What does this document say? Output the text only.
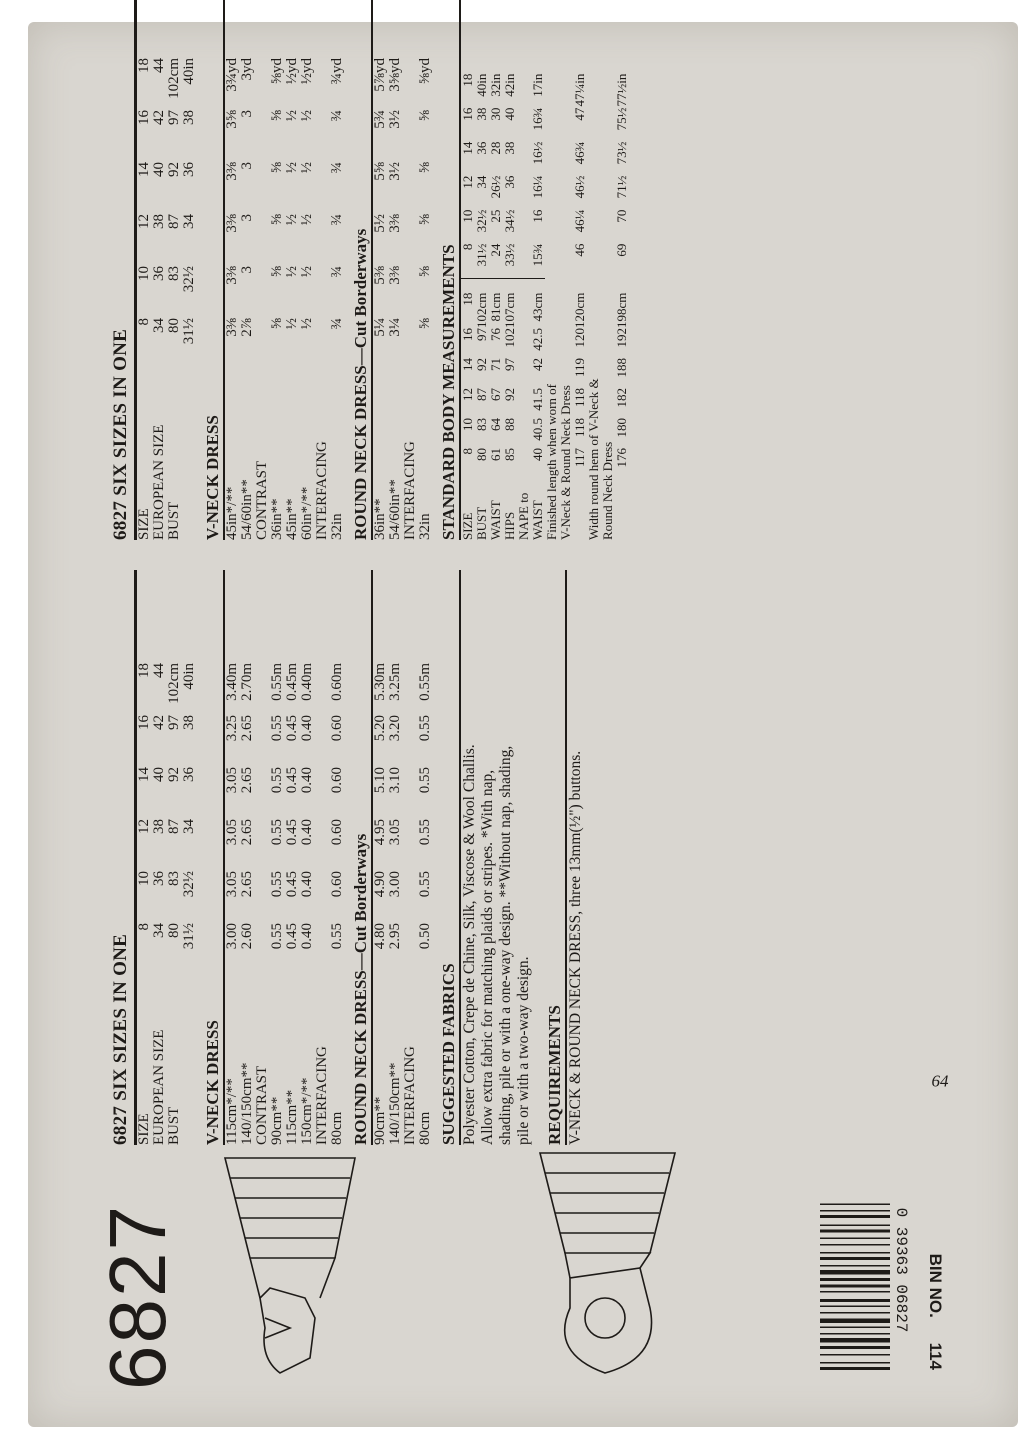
6827
6827 SIX SIZES IN ONE SIZE	8	10	12	14	16	18
EUROPEAN SIZE	34	36	38	40	42	44
BUST	80	83	87	92	97	102cm
	31½	32½	34	36	38	40in
V-NECK DRESS 115cm*/**	3.00	3.05	3.05	3.05	3.25	3.40m
140/150cm**	2.60	2.65	2.65	2.65	2.65	2.70m
CONTRAST						
90cm**	0.55	0.55	0.55	0.55	0.55	0.55m
115cm**	0.45	0.45	0.45	0.45	0.45	0.45m
150cm*/**	0.40	0.40	0.40	0.40	0.40	0.40m
INTERFACING						
80cm	0.55	0.60	0.60	0.60	0.60	0.60m
ROUND NECK DRESS—Cut Borderways 90cm**	4.80	4.90	4.95	5.10	5.20	5.30m
140/150cm**	2.95	3.00	3.05	3.10	3.20	3.25m
INTERFACING						
80cm	0.50	0.55	0.55	0.55	0.55	0.55m
SUGGESTED FABRICS Polyester Cotton, Crepe de Chine, Silk, Viscose & Wool Challis. Allow extra fabric for matching plaids or stripes. *With nap, shading, pile or with a one-way design. **Without nap, shading, pile or with a two-way design. REQUIREMENTS V-NECK & ROUND NECK DRESS, three 13mm(½") buttons.
6827 SIX SIZES IN ONE SIZE	8	10	12	14	16	18
EUROPEAN SIZE	34	36	38	40	42	44
BUST	80	83	87	92	97	102cm
	31½	32½	34	36	38	40in
V-NECK DRESS 45in*/**	3⅜	3⅜	3⅜	3⅜	3⅝	3¾yd
54/60in**	2⅞	3	3	3	3	3yd
CONTRAST						
36in**	⅝	⅝	⅝	⅝	⅝	⅝yd
45in**	½	½	½	½	½	½yd
60in*/**	½	½	½	½	½	½yd
INTERFACING						
32in	¾	¾	¾	¾	¾	¾yd
ROUND NECK DRESS—Cut Borderways 36in**	5¼	5⅜	5½	5⅝	5¾	5⅞yd
54/60in**	3¼	3⅜	3⅜	3½	3½	3⅝yd
INTERFACING						
32in	⅝	⅝	⅝	⅝	⅝	⅝yd
STANDARD BODY MEASUREMENTS SIZE	8	10	12	14	16	18		8	10	12	14	16	18
BUST	80	83	87	92	97	102cm		31½	32½	34	36	38	40in
WAIST	61	64	67	71	76	81cm		24	25	26½	28	30	32in
HIPS	85	88	92	97	102	107cm		33½	34½	36	38	40	42in
NAPE to													
WAIST	40	40.5	41.5	42	42.5	43cm		15¾	16	16¼	16½	16¾	17in
Finished length when worn of													
V-Neck & Round Neck Dress													
	117	118	118	119	120	120cm		46	46¼	46½	46¾	47	47¼in
Width round hem of V-Neck &													
Round Neck Dress													
	176	180	182	188	192	198cm		69	70	71½	73½	75½	77½in
0 39363 06827 BIN NO. 114
64
